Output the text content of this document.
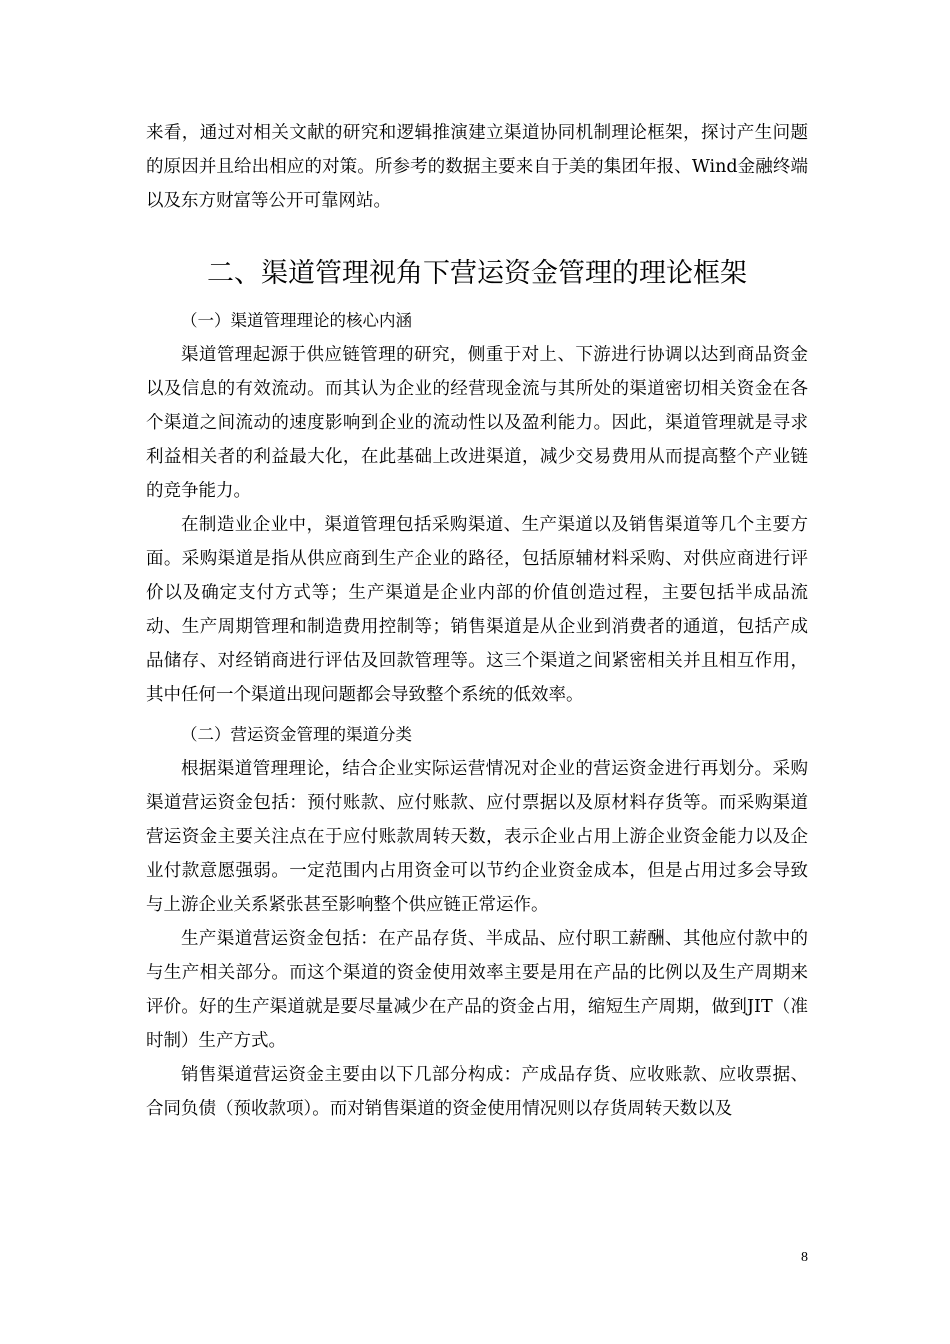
来看，通过对相关文献的研究和逻辑推演建立渠道协同机制理论框架，探讨产生问题的原因并且给出相应的对策。所参考的数据主要来自于美的集团年报、Wind金融终端以及东方财富等公开可靠网站。

二、渠道管理视角下营运资金管理的理论框架
（一）渠道管理理论的核心内涵

渠道管理起源于供应链管理的研究，侧重于对上、下游进行协调以达到商品资金以及信息的有效流动。而其认为企业的经营现金流与其所处的渠道密切相关资金在各个渠道之间流动的速度影响到企业的流动性以及盈利能力。因此，渠道管理就是寻求利益相关者的利益最大化，在此基础上改进渠道，减少交易费用从而提高整个产业链的竞争能力。

在制造业企业中，渠道管理包括采购渠道、生产渠道以及销售渠道等几个主要方面。采购渠道是指从供应商到生产企业的路径，包括原辅材料采购、对供应商进行评价以及确定支付方式等；生产渠道是企业内部的价值创造过程，主要包括半成品流动、生产周期管理和制造费用控制等；销售渠道是从企业到消费者的通道，包括产成品储存、对经销商进行评估及回款管理等。这三个渠道之间紧密相关并且相互作用，其中任何一个渠道出现问题都会导致整个系统的低效率。

（二）营运资金管理的渠道分类

根据渠道管理理论，结合企业实际运营情况对企业的营运资金进行再划分。采购渠道营运资金包括：预付账款、应付账款、应付票据以及原材料存货等。而采购渠道营运资金主要关注点在于应付账款周转天数，表示企业占用上游企业资金能力以及企业付款意愿强弱。一定范围内占用资金可以节约企业资金成本，但是占用过多会导致与上游企业关系紧张甚至影响整个供应链正常运作。

生产渠道营运资金包括：在产品存货、半成品、应付职工薪酬、其他应付款中的与生产相关部分。而这个渠道的资金使用效率主要是用在产品的比例以及生产周期来评价。好的生产渠道就是要尽量减少在产品的资金占用，缩短生产周期，做到JIT（准时制）生产方式。

销售渠道营运资金主要由以下几部分构成：产成品存货、应收账款、应收票据、合同负债（预收款项）。而对销售渠道的资金使用情况则以存货周转天数以及

8
